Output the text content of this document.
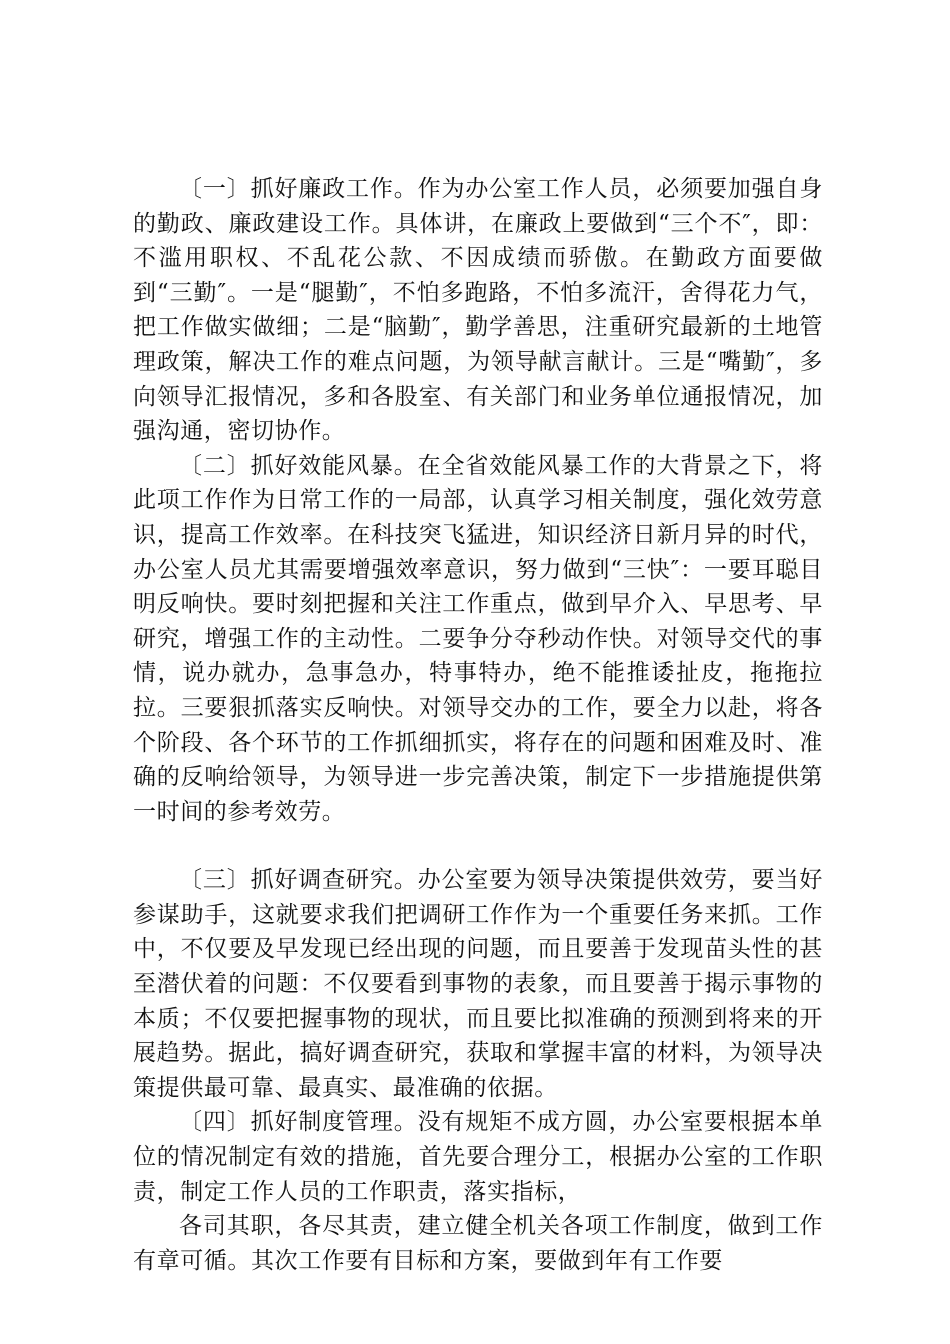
〔一〕抓好廉政工作。作为办公室工作人员，必须要加强自身的勤政、廉政建设工作。具体讲，在廉政上要做到“三个不″，即：不滥用职权、不乱花公款、不因成绩而骄傲。在勤政方面要做到“三勤″。一是“腿勤″，不怕多跑路，不怕多流汗，舍得花力气，把工作做实做细；二是“脑勤″，勤学善思，注重研究最新的土地管理政策，解决工作的难点问题，为领导献言献计。三是“嘴勤″，多向领导汇报情况，多和各股室、有关部门和业务单位通报情况，加强沟通，密切协作。

〔二〕抓好效能风暴。在全省效能风暴工作的大背景之下，将此项工作作为日常工作的一局部，认真学习相关制度，强化效劳意识，提高工作效率。在科技突飞猛进，知识经济日新月异的时代，办公室人员尤其需要增强效率意识，努力做到“三快″：一要耳聪目明反响快。要时刻把握和关注工作重点，做到早介入、早思考、早研究，增强工作的主动性。二要争分夺秒动作快。对领导交代的事情，说办就办，急事急办，特事特办，绝不能推诿扯皮，拖拖拉拉。三要狠抓落实反响快。对领导交办的工作，要全力以赴，将各个阶段、各个环节的工作抓细抓实，将存在的问题和困难及时、准确的反响给领导，为领导进一步完善决策，制定下一步措施提供第一时间的参考效劳。

〔三〕抓好调查研究。办公室要为领导决策提供效劳，要当好参谋助手，这就要求我们把调研工作作为一个重要任务来抓。工作中，不仅要及早发现已经出现的问题，而且要善于发现苗头性的甚至潜伏着的问题：不仅要看到事物的表象，而且要善于揭示事物的本质；不仅要把握事物的现状，而且要比拟准确的预测到将来的开展趋势。据此，搞好调查研究，获取和掌握丰富的材料，为领导决策提供最可靠、最真实、最准确的依据。

〔四〕抓好制度管理。没有规矩不成方圆，办公室要根据本单位的情况制定有效的措施，首先要合理分工，根据办公室的工作职责，制定工作人员的工作职责，落实指标，

各司其职，各尽其责，建立健全机关各项工作制度，做到工作有章可循。其次工作要有目标和方案，要做到年有工作要
